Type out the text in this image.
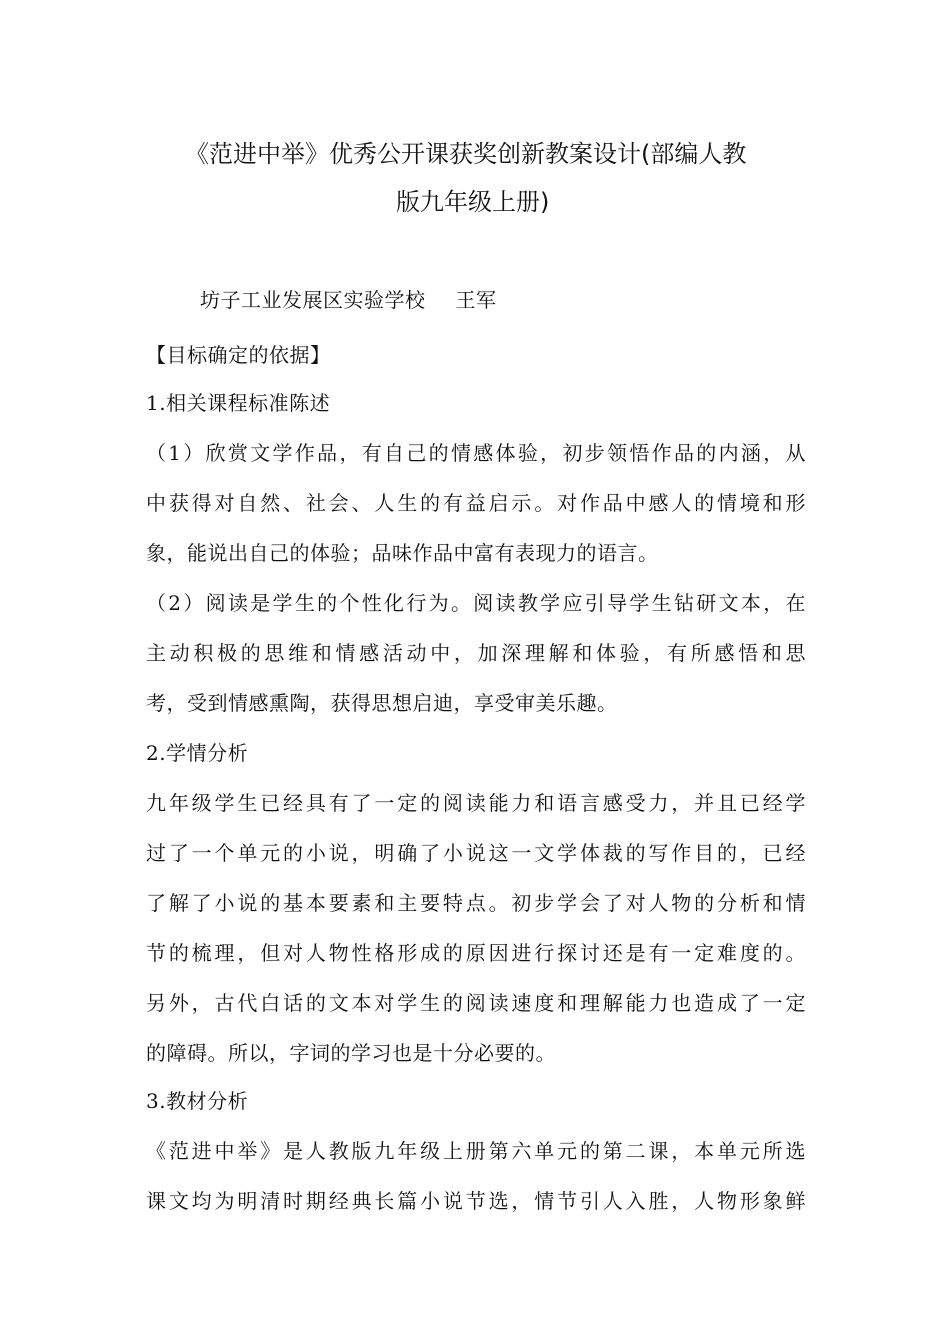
《范进中举》优秀公开课获奖创新教案设计(部编人教
版九年级上册)
坊子工业发展区实验学校 王军
【目标确定的依据】
1.相关课程标准陈述
（1）欣赏文学作品，有自己的情感体验，初步领悟作品的内涵，从
中获得对自然、社会、人生的有益启示。对作品中感人的情境和形
象，能说出自己的体验；品味作品中富有表现力的语言。
（2）阅读是学生的个性化行为。阅读教学应引导学生钻研文本，在
主动积极的思维和情感活动中，加深理解和体验，有所感悟和思
考，受到情感熏陶，获得思想启迪，享受审美乐趣。
2.学情分析
九年级学生已经具有了一定的阅读能力和语言感受力，并且已经学
过了一个单元的小说，明确了小说这一文学体裁的写作目的，已经
了解了小说的基本要素和主要特点。初步学会了对人物的分析和情
节的梳理，但对人物性格形成的原因进行探讨还是有一定难度的。
另外，古代白话的文本对学生的阅读速度和理解能力也造成了一定
的障碍。所以，字词的学习也是十分必要的。
3.教材分析
《范进中举》是人教版九年级上册第六单元的第二课，本单元所选
课文均为明清时期经典长篇小说节选，情节引人入胜，人物形象鲜
